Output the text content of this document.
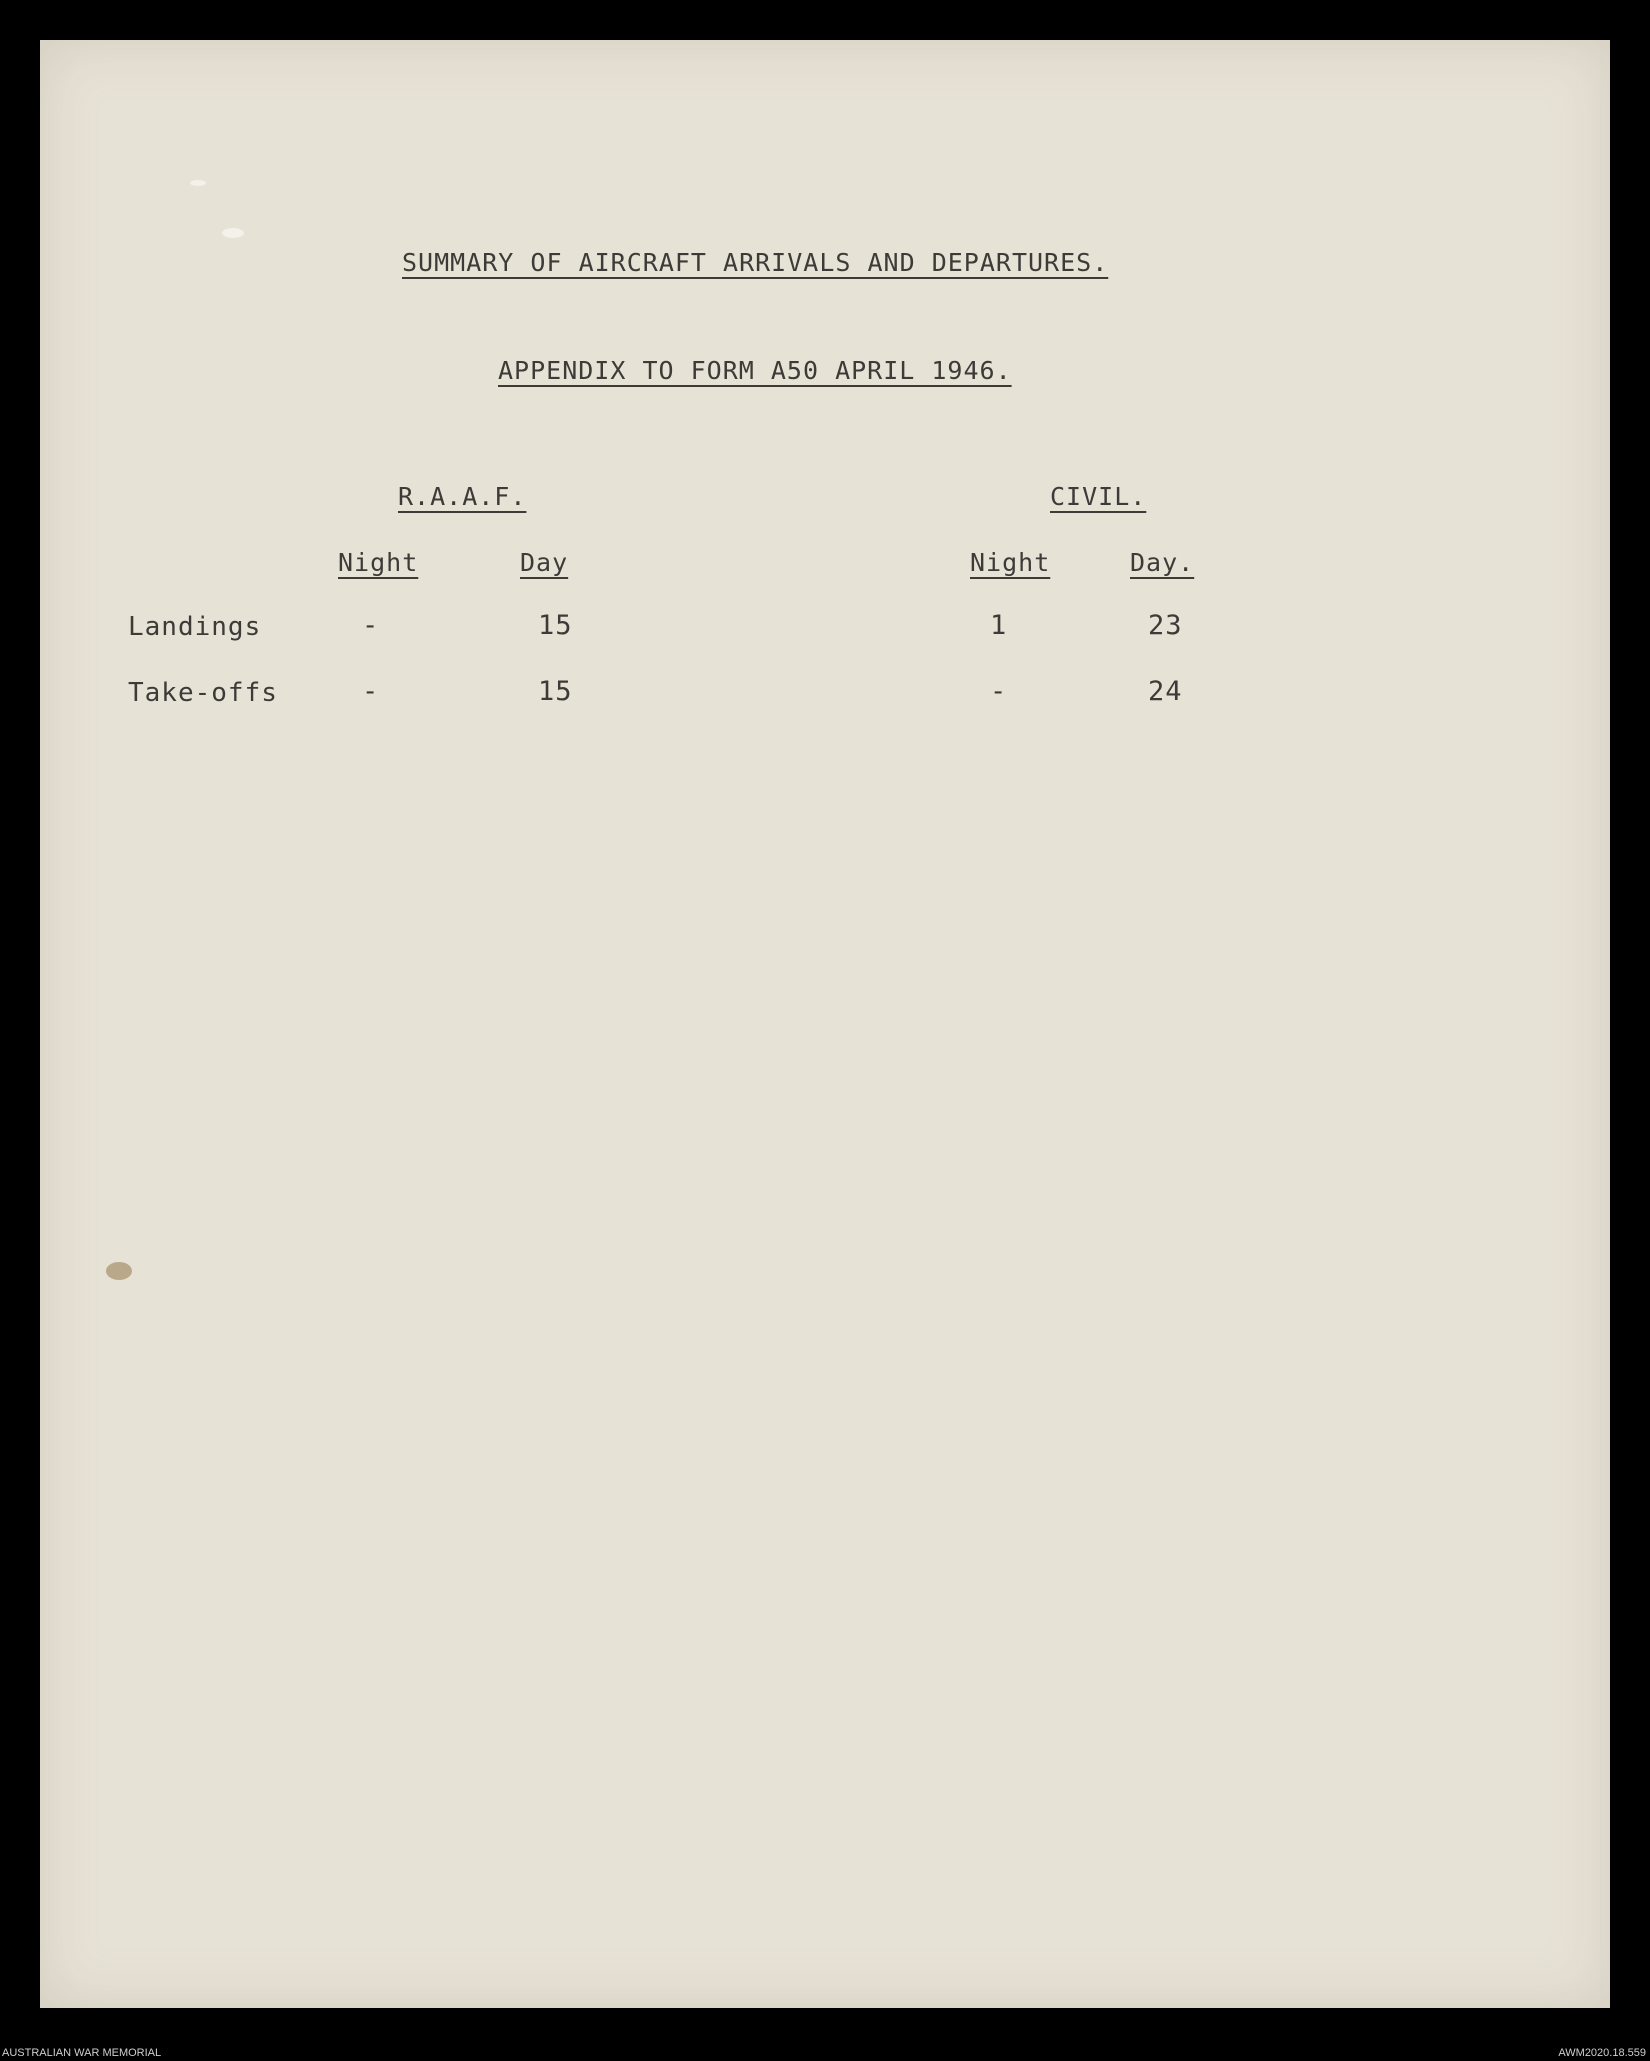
SUMMARY OF AIRCRAFT ARRIVALS AND DEPARTURES.
APPENDIX TO FORM A50 APRIL 1946.
R.A.A.F.	CIVIL.
Night	Day	Night	Day.
Landings	-	15	1	23
Take-offs	-	15	-	24
AUSTRALIAN WAR MEMORIAL	AWM2020.18.559
